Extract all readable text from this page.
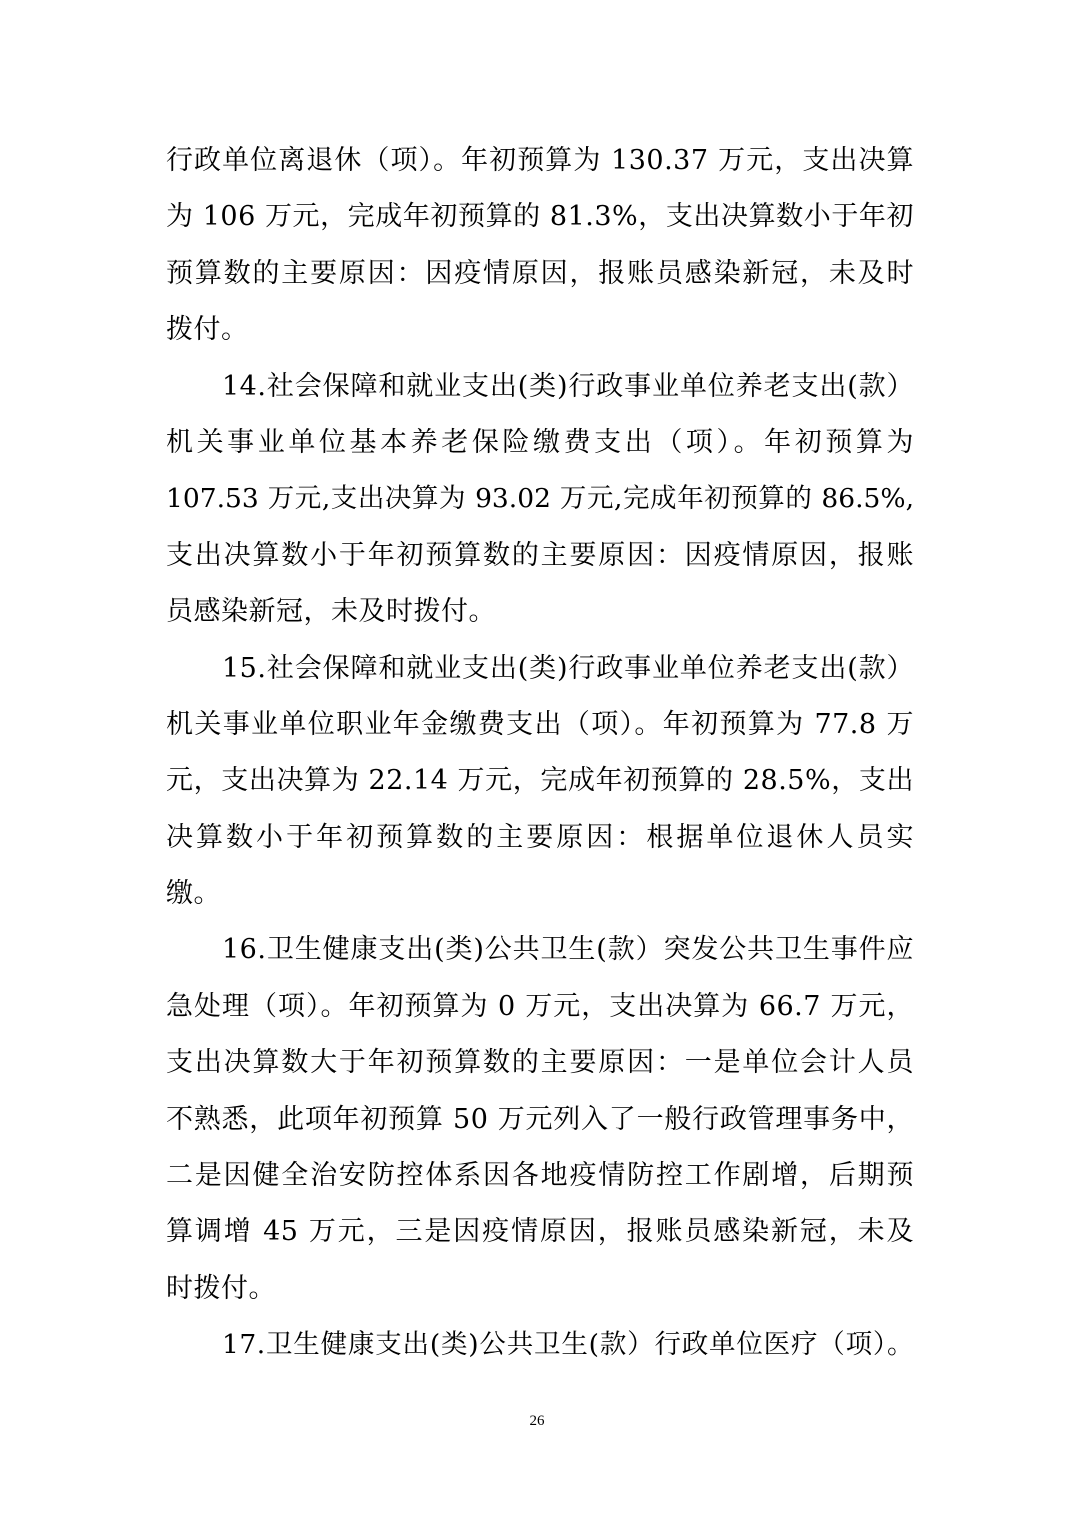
行政单位离退休（项）。年初预算为 130.37 万元，支出决算
为 106 万元，完成年初预算的 81.3%，支出决算数小于年初
预算数的主要原因：因疫情原因，报账员感染新冠，未及时
拨付。
14.社会保障和就业支出(类)行政事业单位养老支出(款）
机关事业单位基本养老保险缴费支出（项）。年初预算为
107.53 万元,支出决算为 93.02 万元,完成年初预算的 86.5%,
支出决算数小于年初预算数的主要原因：因疫情原因，报账
员感染新冠，未及时拨付。
15.社会保障和就业支出(类)行政事业单位养老支出(款）
机关事业单位职业年金缴费支出（项）。年初预算为 77.8 万
元，支出决算为 22.14 万元，完成年初预算的 28.5%，支出
决算数小于年初预算数的主要原因：根据单位退休人员实
缴。
16.卫生健康支出(类)公共卫生(款）突发公共卫生事件应
急处理（项）。年初预算为 0 万元，支出决算为 66.7 万元，
支出决算数大于年初预算数的主要原因：一是单位会计人员
不熟悉，此项年初预算 50 万元列入了一般行政管理事务中，
二是因健全治安防控体系因各地疫情防控工作剧增，后期预
算调增 45 万元，三是因疫情原因，报账员感染新冠，未及
时拨付。
17.卫生健康支出(类)公共卫生(款）行政单位医疗（项）。
26
